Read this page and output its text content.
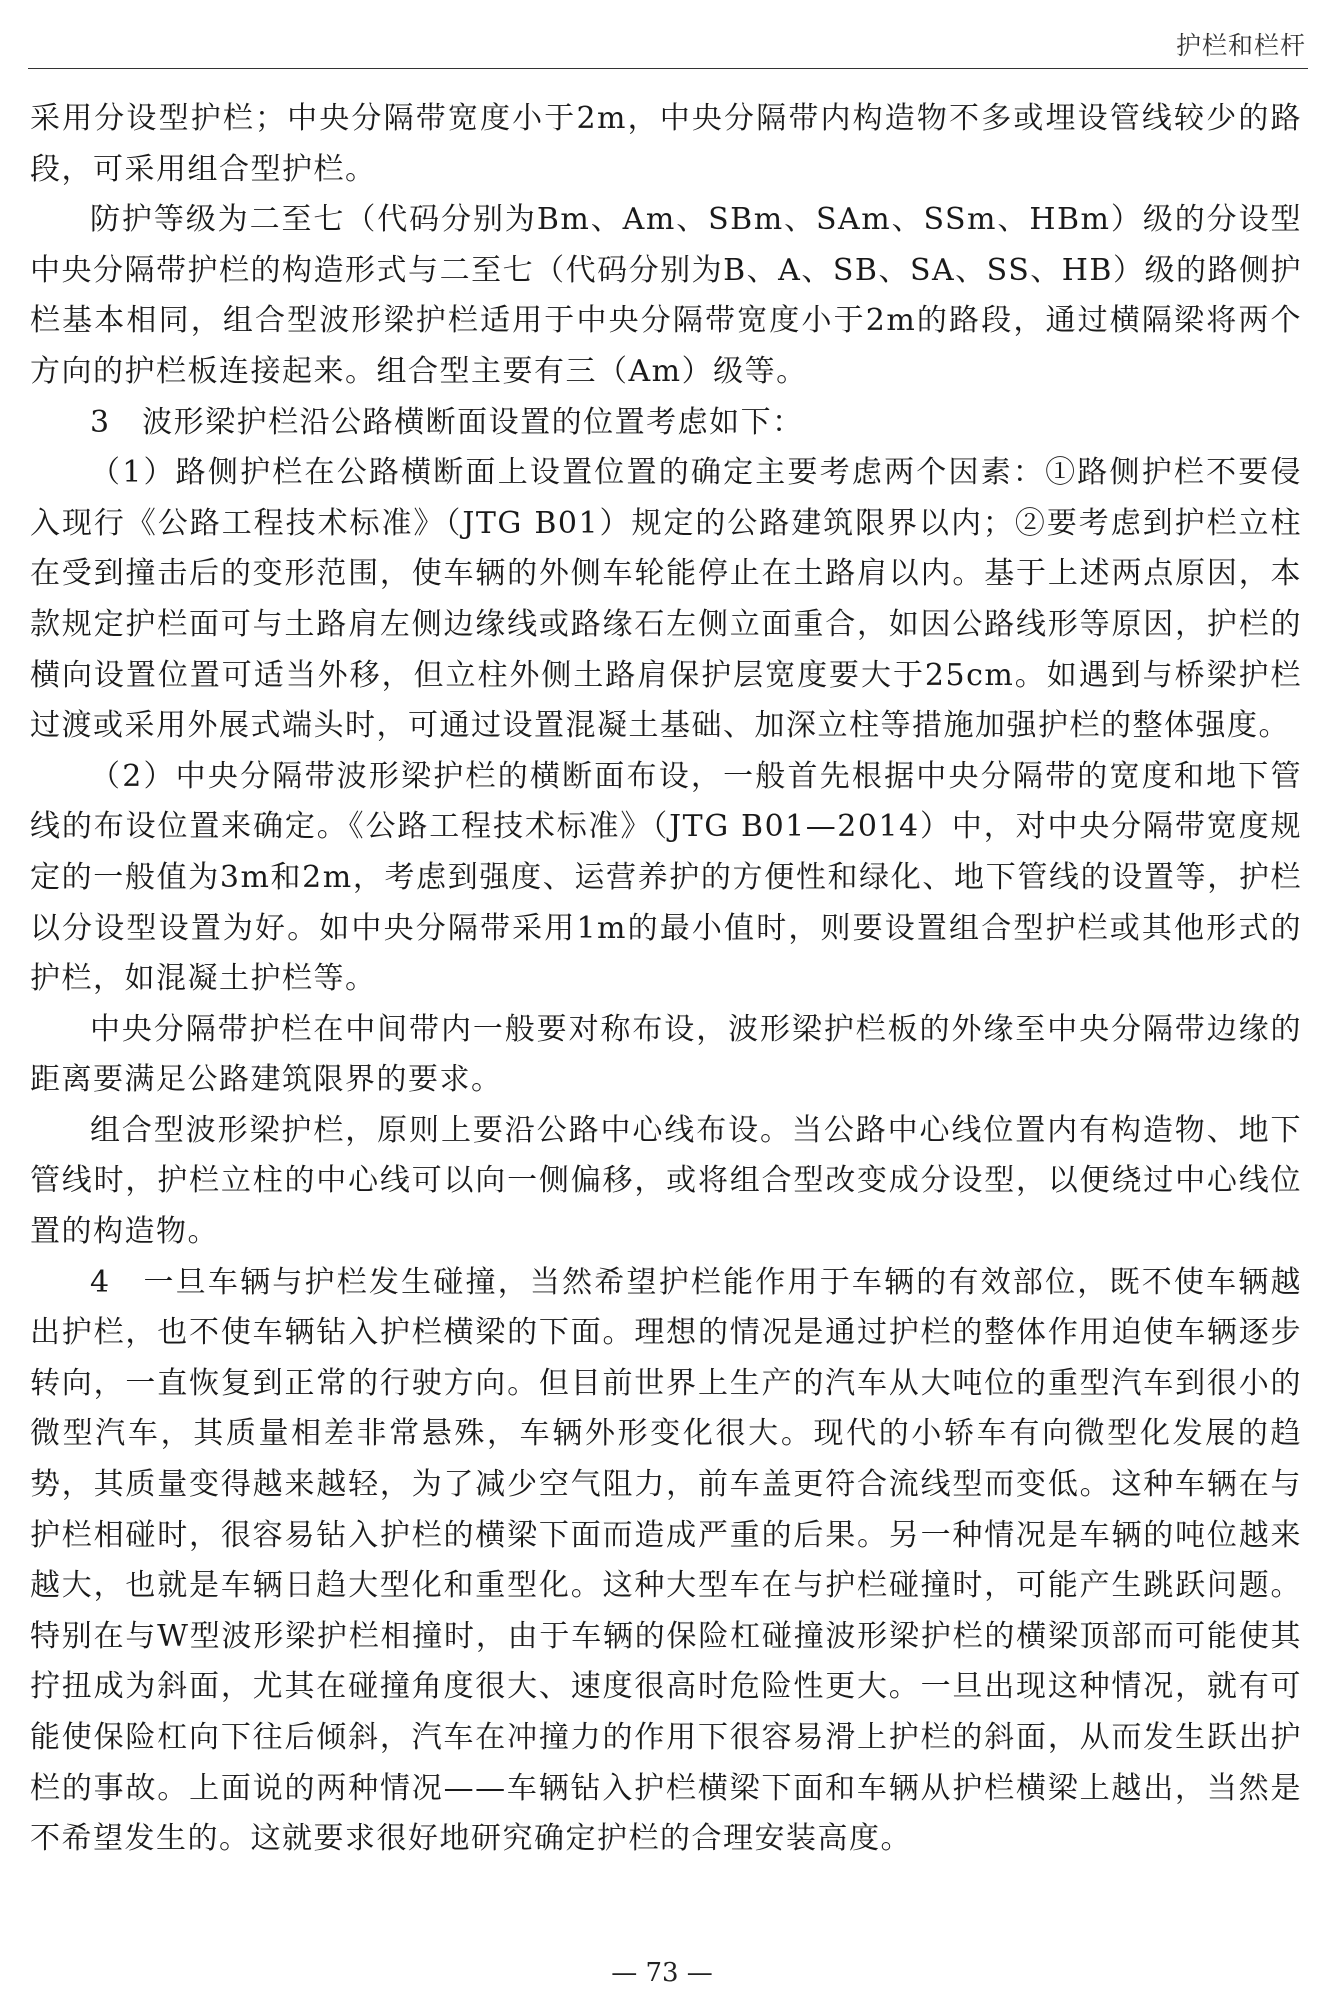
护栏和栏杆

采用分设型护栏；中央分隔带宽度小于2m，中央分隔带内构造物不多或埋设管线较少的路段，可采用组合型护栏。

防护等级为二至七（代码分别为Bm、Am、SBm、SAm、SSm、HBm）级的分设型中央分隔带护栏的构造形式与二至七（代码分别为B、A、SB、SA、SS、HB）级的路侧护栏基本相同，组合型波形梁护栏适用于中央分隔带宽度小于2m的路段，通过横隔梁将两个方向的护栏板连接起来。组合型主要有三（Am）级等。

3　波形梁护栏沿公路横断面设置的位置考虑如下：

（1）路侧护栏在公路横断面上设置位置的确定主要考虑两个因素：①路侧护栏不要侵入现行《公路工程技术标准》（JTG B01）规定的公路建筑限界以内；②要考虑到护栏立柱在受到撞击后的变形范围，使车辆的外侧车轮能停止在土路肩以内。基于上述两点原因，本款规定护栏面可与土路肩左侧边缘线或路缘石左侧立面重合，如因公路线形等原因，护栏的横向设置位置可适当外移，但立柱外侧土路肩保护层宽度要大于25cm。如遇到与桥梁护栏过渡或采用外展式端头时，可通过设置混凝土基础、加深立柱等措施加强护栏的整体强度。

（2）中央分隔带波形梁护栏的横断面布设，一般首先根据中央分隔带的宽度和地下管线的布设位置来确定。《公路工程技术标准》（JTG B01—2014）中，对中央分隔带宽度规定的一般值为3m和2m，考虑到强度、运营养护的方便性和绿化、地下管线的设置等，护栏以分设型设置为好。如中央分隔带采用1m的最小值时，则要设置组合型护栏或其他形式的护栏，如混凝土护栏等。

中央分隔带护栏在中间带内一般要对称布设，波形梁护栏板的外缘至中央分隔带边缘的距离要满足公路建筑限界的要求。

组合型波形梁护栏，原则上要沿公路中心线布设。当公路中心线位置内有构造物、地下管线时，护栏立柱的中心线可以向一侧偏移，或将组合型改变成分设型，以便绕过中心线位置的构造物。

4　一旦车辆与护栏发生碰撞，当然希望护栏能作用于车辆的有效部位，既不使车辆越出护栏，也不使车辆钻入护栏横梁的下面。理想的情况是通过护栏的整体作用迫使车辆逐步转向，一直恢复到正常的行驶方向。但目前世界上生产的汽车从大吨位的重型汽车到很小的微型汽车，其质量相差非常悬殊，车辆外形变化很大。现代的小轿车有向微型化发展的趋势，其质量变得越来越轻，为了减少空气阻力，前车盖更符合流线型而变低。这种车辆在与护栏相碰时，很容易钻入护栏的横梁下面而造成严重的后果。另一种情况是车辆的吨位越来越大，也就是车辆日趋大型化和重型化。这种大型车在与护栏碰撞时，可能产生跳跃问题。特别在与W型波形梁护栏相撞时，由于车辆的保险杠碰撞波形梁护栏的横梁顶部而可能使其拧扭成为斜面，尤其在碰撞角度很大、速度很高时危险性更大。一旦出现这种情况，就有可能使保险杠向下往后倾斜，汽车在冲撞力的作用下很容易滑上护栏的斜面，从而发生跃出护栏的事故。上面说的两种情况——车辆钻入护栏横梁下面和车辆从护栏横梁上越出，当然是不希望发生的。这就要求很好地研究确定护栏的合理安装高度。

— 73 —
